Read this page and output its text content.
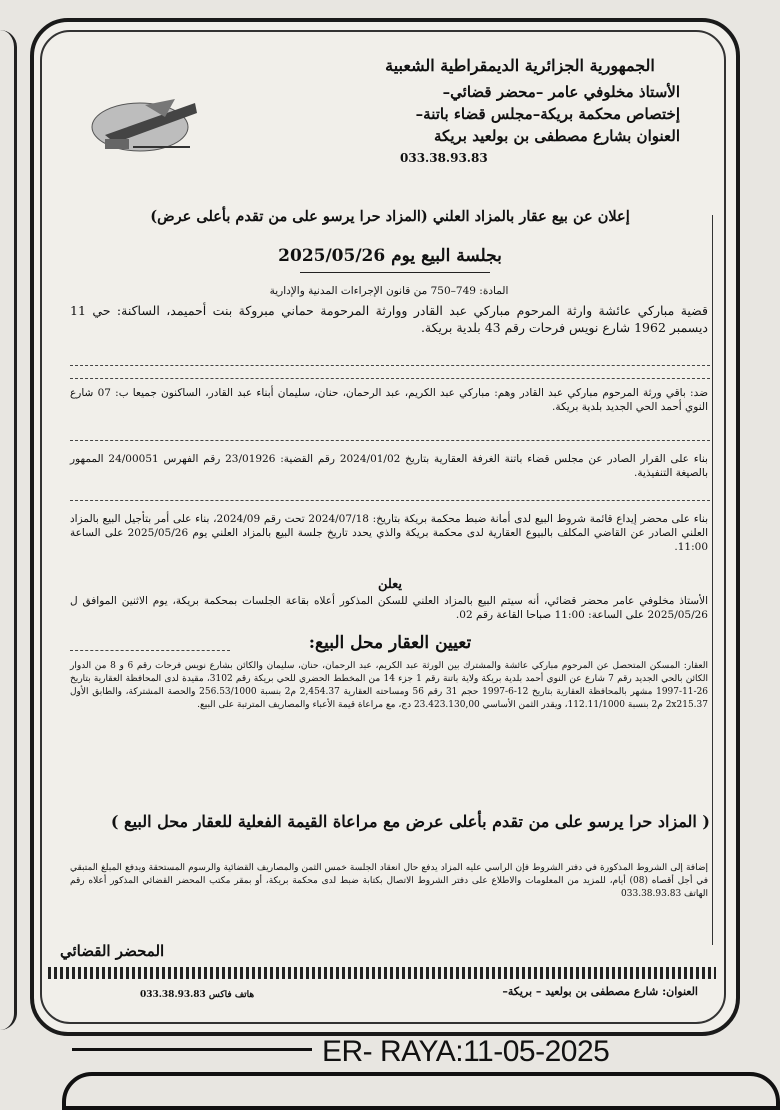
الجمهورية الجزائرية الديمقراطية الشعبية
الأستاذ مخلوفي عامر –محضر قضائي–
إختصاص محكمة بريكة–مجلس قضاء باتنة–
العنوان بشارع مصطفى بن بولعيد بريكة
033.38.93.83
إعلان عن بيع عقار بالمزاد العلني (المزاد حرا يرسو على من تقدم بأعلى عرض)
بجلسة البيع يوم 2025/05/26
المادة: 749–750 من قانون الإجراءات المدنية والإدارية
قضية مباركي عائشة وارثة المرحوم مباركي عبد القادر ووارثة المرحومة حماني مبروكة بنت أحميمد، الساكنة: حي 11 ديسمبر 1962 شارع نويس فرحات رقم 43 بلدية بريكة.
ضد: باقي ورثة المرحوم مباركي عبد القادر وهم: مباركي عبد الكريم، عبد الرحمان، حنان، سليمان أبناء عبد القادر، الساكنون جميعا ب: 07 شارع النوي أحمد الحي الجديد بلدية بريكة.
بناء على القرار الصادر عن مجلس قضاء باتنة الغرفة العقارية بتاريخ 2024/01/02 رقم القضية: 23/01926 رقم الفهرس 24/00051 الممهور بالصيغة التنفيذية.
بناء على محضر إيداع قائمة شروط البيع لدى أمانة ضبط محكمة بريكة بتاريخ: 2024/07/18 تحت رقم 2024/09، بناء على أمر بتأجيل البيع بالمزاد العلني الصادر عن القاضي المكلف بالبيوع العقارية لدى محكمة بريكة والذي يحدد تاريخ جلسة البيع بالمزاد العلني يوم 2025/05/26 على الساعة 11:00.
يعلن
الأستاذ مخلوفي عامر محضر قضائي، أنه سيتم البيع بالمزاد العلني للسكن المذكور أعلاه بقاعة الجلسات بمحكمة بريكة، يوم الاثنين الموافق ل 2025/05/26 على الساعة: 11:00 صباحا القاعة رقم 02.
تعيين العقار محل البيع:
العقار: المسكن المتحصل عن المرحوم مباركي عائشة والمشترك بين الورثة عبد الكريم، عبد الرحمان، حنان، سليمان والكائن بشارع نويس فرحات رقم 6 و 8 من الدوار الكائن بالحي الجديد رقم 7 شارع عن النوي أحمد بلدية بريكة ولاية باتنة رقم 1 جزء 14 من المخطط الحضري للحي بريكة رقم 3102، مقيدة لدى المحافظة العقارية بتاريخ 26-11-1997 مشهر بالمحافظة العقارية بتاريخ 12-6-1997 حجم 31 رقم 56 ومساحته العقارية 2,454.37 م2 بنسبة 256.53/1000 والحصة المشتركة، والطابق الأول 2x215.37 م2 بنسبة 112.11/1000، ويقدر الثمن الأساسي 23.423.130,00 دج، مع مراعاة قيمة الأعباء والمصاريف المترتبة على البيع.
( المزاد حرا يرسو على من تقدم بأعلى عرض مع مراعاة القيمة الفعلية للعقار محل البيع )
إضافة إلى الشروط المذكورة في دفتر الشروط فإن الراسي عليه المزاد يدفع حال انعقاد الجلسة خمس الثمن والمصاريف القضائية والرسوم المستحقة ويدفع المبلغ المتبقي في أجل أقصاه (08) أيام، للمزيد من المعلومات والاطلاع على دفتر الشروط الاتصال بكتابة ضبط لدى محكمة بريكة، أو بمقر مكتب المحضر القضائي المذكور أعلاه رقم الهاتف 033.38.93.83
المحضر القضائي
العنوان: شارع مصطفى بن بولعيد – بريكة–
هاتف فاكس 033.38.93.83
ER- RAYA:11-05-2025
